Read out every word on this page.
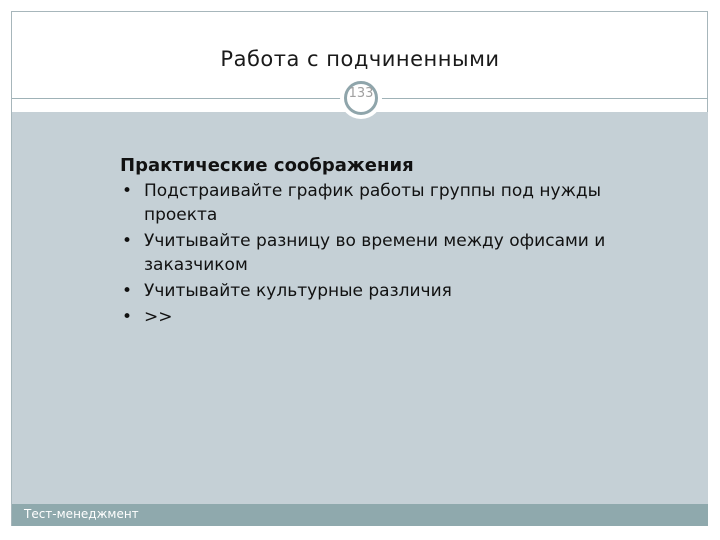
Работа с подчиненными
133
Практические соображения
• Подстраивайте график работы группы под нужды проекта
• Учитывайте разницу во времени между офисами и заказчиком
• Учитывайте культурные различия
• >>
Тест-менеджмент
